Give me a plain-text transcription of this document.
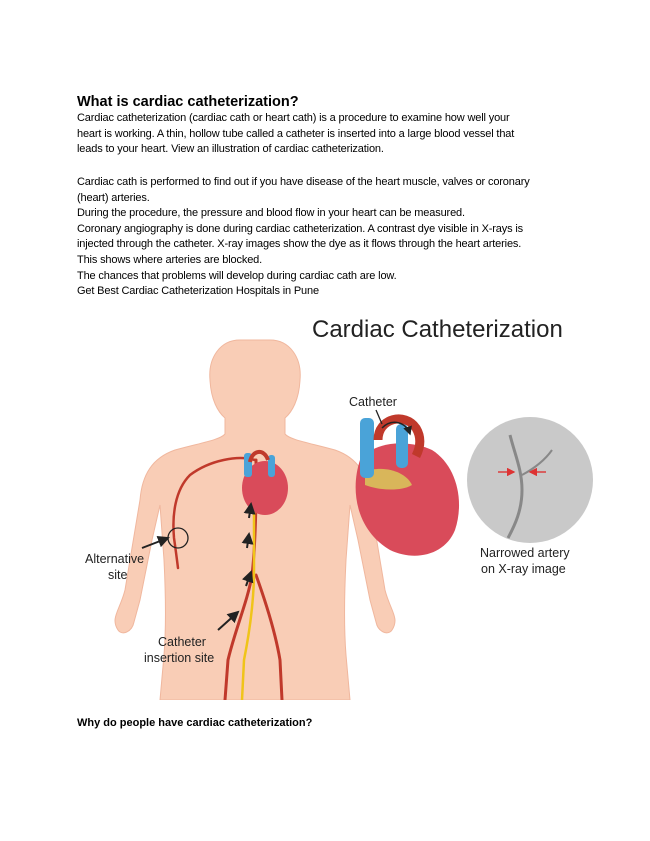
What is cardiac catheterization?
Cardiac catheterization (cardiac cath or heart cath) is a procedure to examine how well your
heart is working. A thin, hollow tube called a catheter is inserted into a large blood vessel that
leads to your heart. View an illustration of cardiac catheterization.
Cardiac cath is performed to find out if you have disease of the heart muscle, valves or coronary
(heart) arteries.
During the procedure, the pressure and blood flow in your heart can be measured.
Coronary angiography is done during cardiac catheterization. A contrast dye visible in X-rays is
injected through the catheter. X-ray images show the dye as it flows through the heart arteries.
This shows where arteries are blocked.
The chances that problems will develop during cardiac cath are low.
Get Best Cardiac Catheterization Hospitals in Pune
Cardiac Catheterization
Catheter
Narrowed artery
on X-ray image
Alternative
site
Catheter
insertion site
Why do people have cardiac catheterization?
